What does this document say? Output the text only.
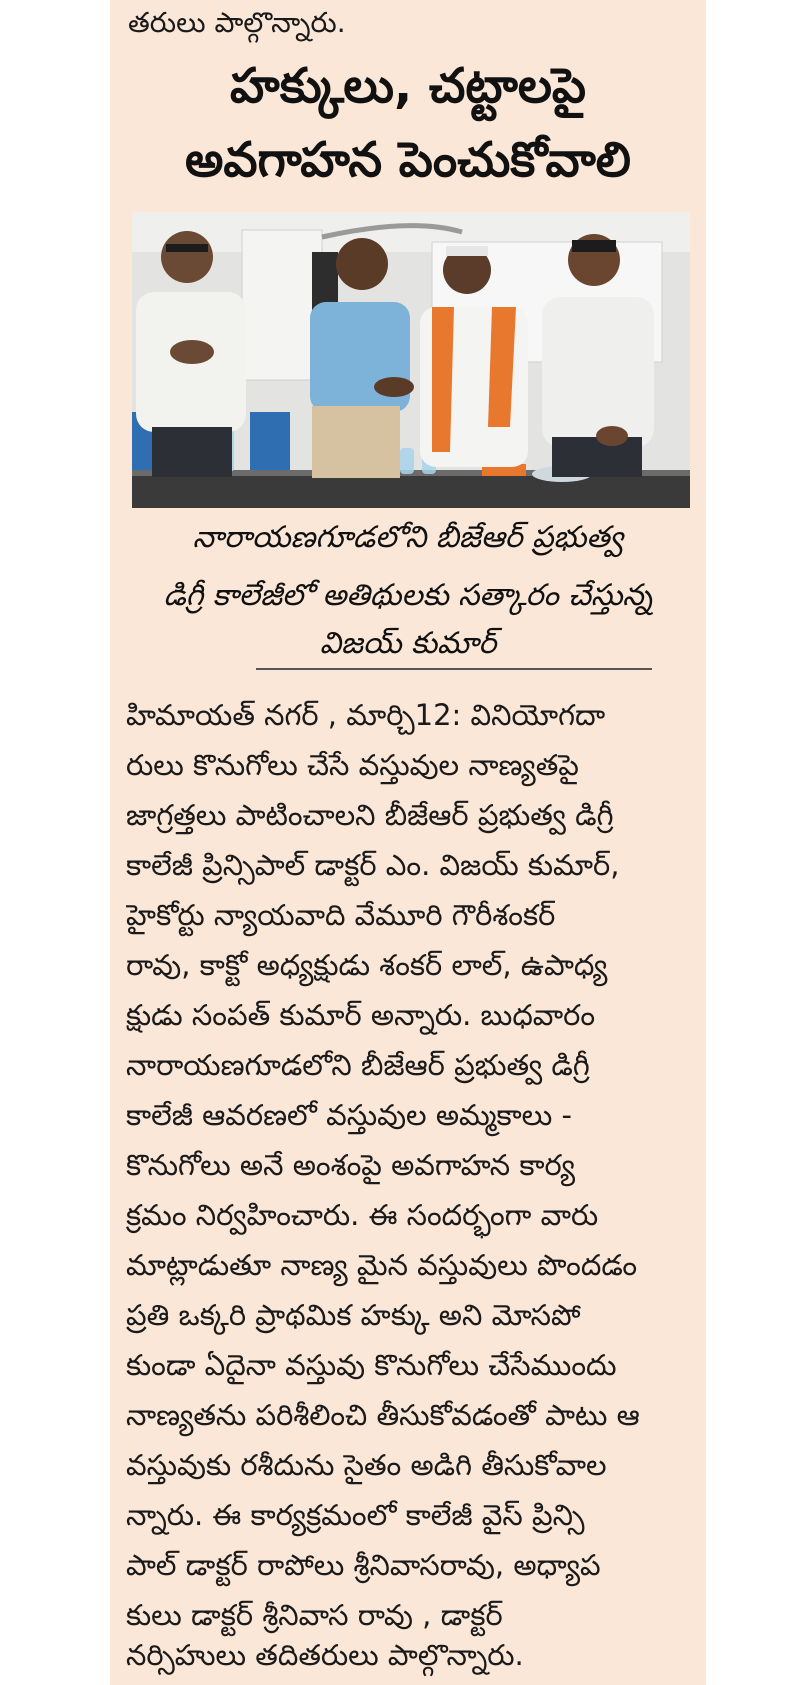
తరులు పాల్గొన్నారు.
హక్కులు, చట్టాలపై
అవగాహన పెంచుకోవాలి
నారాయణగూడలోని బీజేఆర్ ప్రభుత్వ
డిగ్రీ కాలేజీలో అతిథులకు సత్కారం చేస్తున్న
విజయ్ కుమార్
హిమాయత్ నగర్ , మార్చి12: వినియోగదా
రులు కొనుగోలు చేసే వస్తువుల నాణ్యతపై
జాగ్రత్తలు పాటించాలని బీజేఆర్ ప్రభుత్వ డిగ్రీ
కాలేజీ ప్రిన్సిపాల్ డాక్టర్ ఎం. విజయ్ కుమార్,
హైకోర్టు న్యాయవాది వేమూరి గౌరీశంకర్
రావు, కాక్టో అధ్యక్షుడు శంకర్ లాల్, ఉపాధ్య
క్షుడు సంపత్ కుమార్ అన్నారు. బుధవారం
నారాయణగూడలోని బీజేఆర్ ప్రభుత్వ డిగ్రీ
కాలేజీ ఆవరణలో వస్తువుల అమ్మకాలు -
కొనుగోలు అనే అంశంపై అవగాహన కార్య
క్రమం నిర్వహించారు. ఈ సందర్భంగా వారు
మాట్లాడుతూ నాణ్య మైన వస్తువులు పొందడం
ప్రతి ఒక్కరి ప్రాథమిక హక్కు అని మోసపో
కుండా ఏదైనా వస్తువు కొనుగోలు చేసేముందు
నాణ్యతను పరిశీలించి తీసుకోవడంతో పాటు ఆ
వస్తువుకు రశీదును సైతం అడిగి తీసుకోవాల
న్నారు. ఈ కార్యక్రమంలో కాలేజీ వైస్ ప్రిన్సి
పాల్ డాక్టర్ రాపోలు శ్రీనివాసరావు, అధ్యాప
కులు డాక్టర్ శ్రీనివాస రావు , డాక్టర్
నర్సిహులు తదితరులు పాల్గొన్నారు.
